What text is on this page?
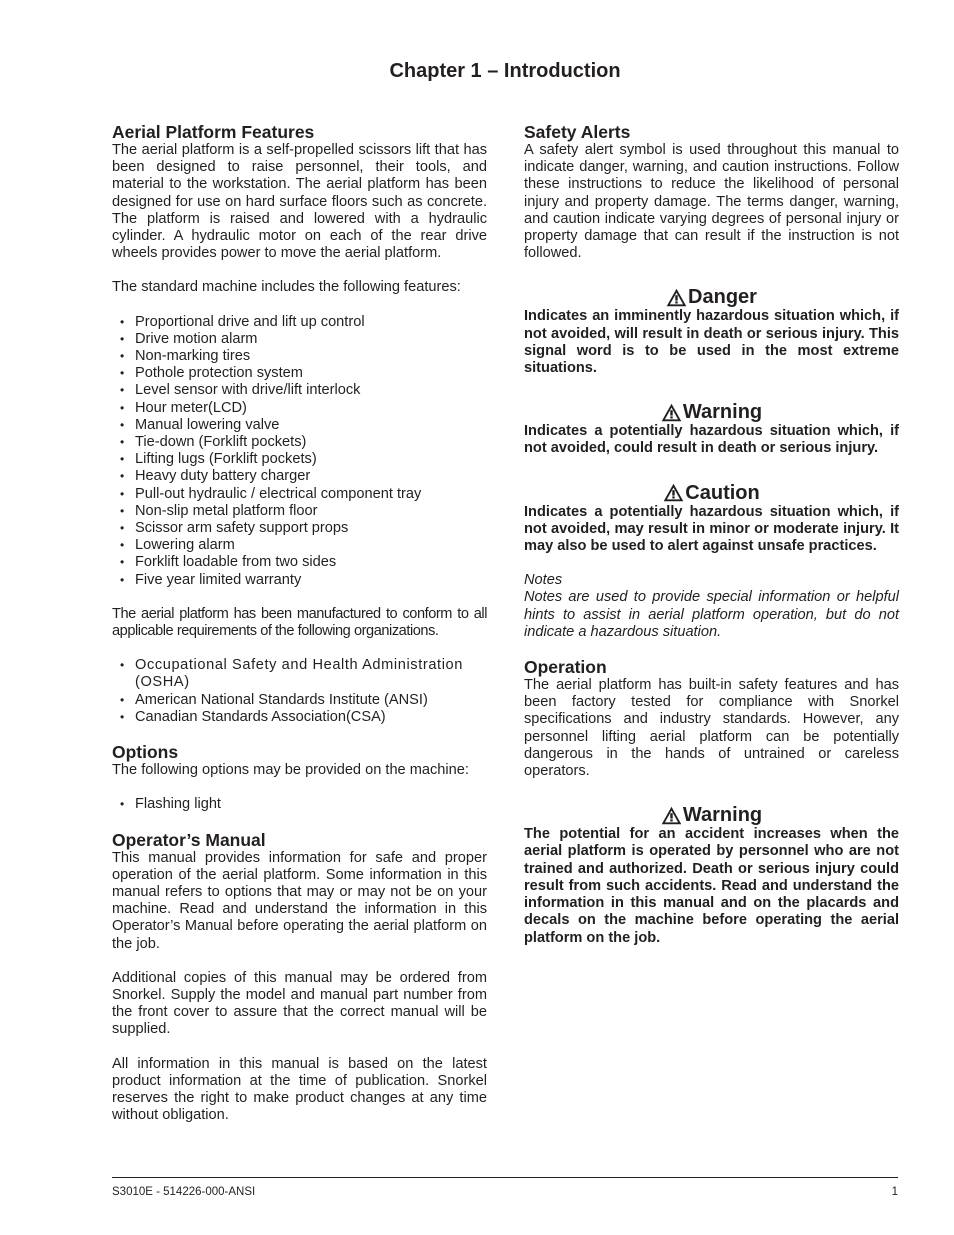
Chapter 1 – Introduction
Aerial Platform Features

The aerial platform is a self-propelled scissors lift that has been designed to raise personnel, their tools, and material to the workstation. The aerial platform has been designed for use on hard surface floors such as concrete. The platform is raised and lowered with a hydraulic cylinder. A hydraulic motor on each of the rear drive wheels provides power to move the aerial platform.

The standard machine includes the following features:

• Proportional drive and lift up control
• Drive motion alarm
• Non-marking tires
• Pothole protection system
• Level sensor with drive/lift interlock
• Hour meter(LCD)
• Manual lowering valve
• Tie-down (Forklift pockets)
• Lifting lugs (Forklift pockets)
• Heavy duty battery charger
• Pull-out hydraulic / electrical component tray
• Non-slip metal platform floor
• Scissor arm safety support props
• Lowering alarm
• Forklift loadable from two sides
• Five year limited warranty

The aerial platform has been manufactured to conform to all applicable requirements of the following organizations.

• Occupational Safety and Health Administration (OSHA)
• American National Standards Institute (ANSI)
• Canadian Standards Association(CSA)
Options

The following options may be provided on the machine:

• Flashing light
Operator’s Manual

This manual provides information for safe and proper operation of the aerial platform. Some information in this manual refers to options that may or may not be on your machine. Read and understand the information in this Operator’s Manual before operating the aerial platform on the job.

Additional copies of this manual may be ordered from Snorkel. Supply the model and manual part number from the front cover to assure that the correct manual will be supplied.

All information in this manual is based on the latest product information at the time of publication. Snorkel reserves the right to make product changes at any time without obligation.

Safety Alerts

A safety alert symbol is used throughout this manual to indicate danger, warning, and caution instructions. Follow these instructions to reduce the likelihood of personal injury and property damage. The terms danger, warning, and caution indicate varying degrees of personal injury or property damage that can result if the instruction is not followed.

Danger

Indicates an imminently hazardous situation which, if not avoided, will result in death or serious injury. This signal word is to be used in the most extreme situations.

Warning

Indicates a potentially hazardous situation which, if not avoided, could result in death or serious injury.

Caution

Indicates a potentially hazardous situation which, if not avoided, may result in minor or moderate injury. It may also be used to alert against unsafe practices.

Notes

Notes are used to provide special information or helpful hints to assist in aerial platform operation, but do not indicate a hazardous situation.

Operation

The aerial platform has built-in safety features and has been factory tested for compliance with Snorkel specifications and industry standards. However, any personnel lifting aerial platform can be potentially dangerous in the hands of untrained or careless operators.

Warning

The potential for an accident increases when the aerial platform is operated by personnel who are not trained and authorized. Death or serious injury could result from such accidents. Read and understand the information in this manual and on the placards and decals on the machine before operating the aerial platform on the job.

S3010E - 514226-000-ANSI	1
